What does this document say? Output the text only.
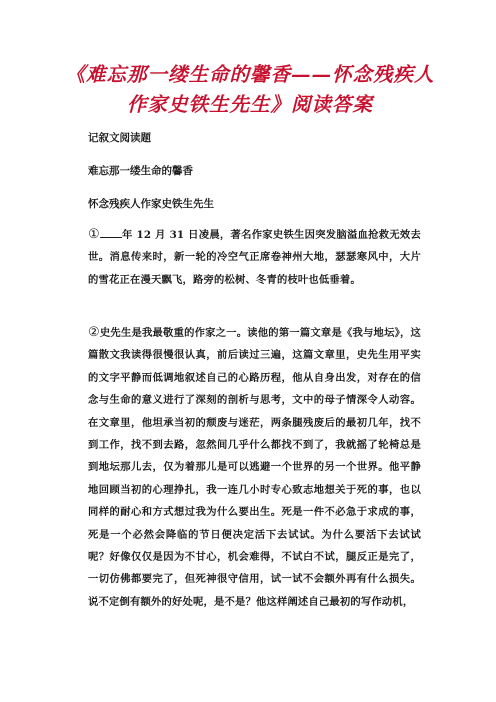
《难忘那一缕生命的馨香——怀念残疾人作家史铁生先生》阅读答案
记叙文阅读题
难忘那一缕生命的馨香
怀念残疾人作家史铁生先生
① 年 12 月 31 日凌晨，著名作家史铁生因突发脑溢血抢救无效去世。消息传来时，新一轮的冷空气正席卷神州大地，瑟瑟寒风中，大片的雪花正在漫天飘飞，路旁的松树、冬青的枝叶也低垂着。
②史先生是我最敬重的作家之一。读他的第一篇文章是《我与地坛》，这篇散文我读得很慢很认真，前后读过三遍，这篇文章里，史先生用平实的文字平静而低调地叙述自己的心路历程，他从自身出发，对存在的信念与生命的意义进行了深刻的剖析与思考，文中的母子情深令人动容。在文章里，他坦承当初的颓废与迷茫，两条腿残废后的最初几年，找不到工作，找不到去路，忽然间几乎什么都找不到了，我就摇了轮椅总是到地坛那儿去，仅为着那儿是可以逃避一个世界的另一个世界。他平静地回顾当初的心理挣扎，我一连几小时专心致志地想关于死的事，也以同样的耐心和方式想过我为什么要出生。死是一件不必急于求成的事，死是一个必然会降临的节日便决定活下去试试。为什么要活下去试试呢？好像仅仅是因为不甘心，机会难得，不试白不试，腿反正是完了，一切仿佛都要完了，但死神很守信用，试一试不会额外再有什么损失。说不定倒有额外的好处呢，是不是？他这样阐述自己最初的写作动机，
